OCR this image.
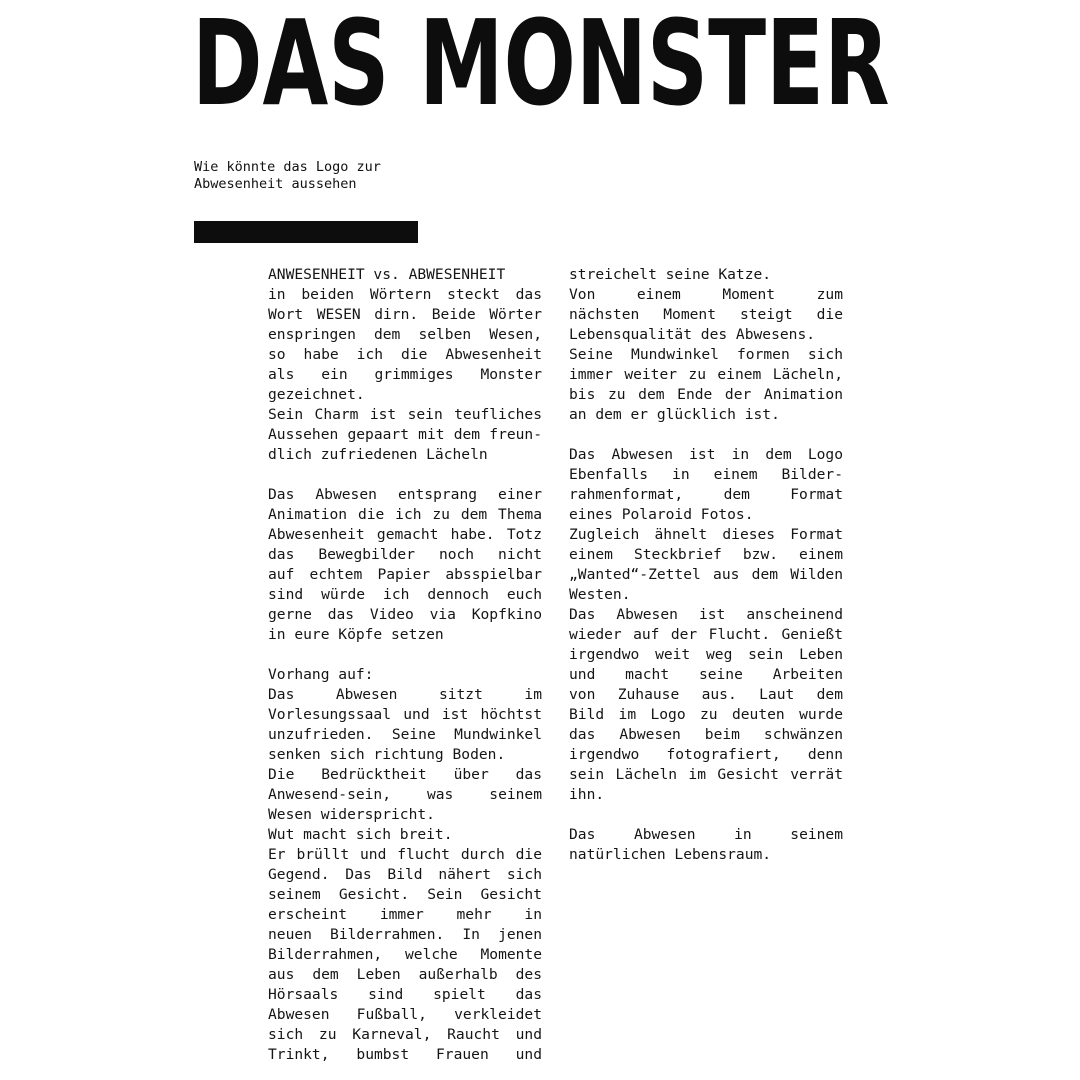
DAS MONSTER
Wie könnte das Logo zur
Abwesenheit aussehen
ANWESENHEIT vs. ABWESENHEIT
in beiden Wörtern steckt das
Wort WESEN dirn. Beide Wörter
enspringen dem selben Wesen,
so habe ich die Abwesenheit
als ein grimmiges Monster
gezeichnet.
Sein Charm ist sein teufliches
Aussehen gepaart mit dem freun-
dlich zufriedenen Lächeln
Das Abwesen entsprang einer
Animation die ich zu dem Thema
Abwesenheit gemacht habe. Totz
das Bewegbilder noch nicht
auf echtem Papier absspielbar
sind würde ich dennoch euch
gerne das Video via Kopfkino
in eure Köpfe setzen
Vorhang auf:
Das Abwesen sitzt im
Vorlesungssaal und ist höchtst
unzufrieden. Seine Mundwinkel
senken sich richtung Boden.
Die Bedrücktheit über das
Anwesend-sein, was seinem
Wesen widerspricht.
Wut macht sich breit.
Er brüllt und flucht durch die
Gegend. Das Bild nähert sich
seinem Gesicht. Sein Gesicht
erscheint immer mehr in
neuen Bilderrahmen. In jenen
Bilderrahmen, welche Momente
aus dem Leben außerhalb des
Hörsaals sind spielt das
Abwesen Fußball, verkleidet
sich zu Karneval, Raucht und
Trinkt, bumbst Frauen und
streichelt seine Katze.
Von einem Moment zum
nächsten Moment steigt die
Lebensqualität des Abwesens.
Seine Mundwinkel formen sich
immer weiter zu einem Lächeln,
bis zu dem Ende der Animation
an dem er glücklich ist.
Das Abwesen ist in dem Logo
Ebenfalls in einem Bilder-
rahmenformat, dem Format
eines Polaroid Fotos.
Zugleich ähnelt dieses Format
einem Steckbrief bzw. einem
„Wanted“-Zettel aus dem Wilden
Westen.
Das Abwesen ist anscheinend
wieder auf der Flucht. Genießt
irgendwo weit weg sein Leben
und macht seine Arbeiten
von Zuhause aus. Laut dem
Bild im Logo zu deuten wurde
das Abwesen beim schwänzen
irgendwo fotografiert, denn
sein Lächeln im Gesicht verrät
ihn.
Das Abwesen in seinem
natürlichen Lebensraum.
